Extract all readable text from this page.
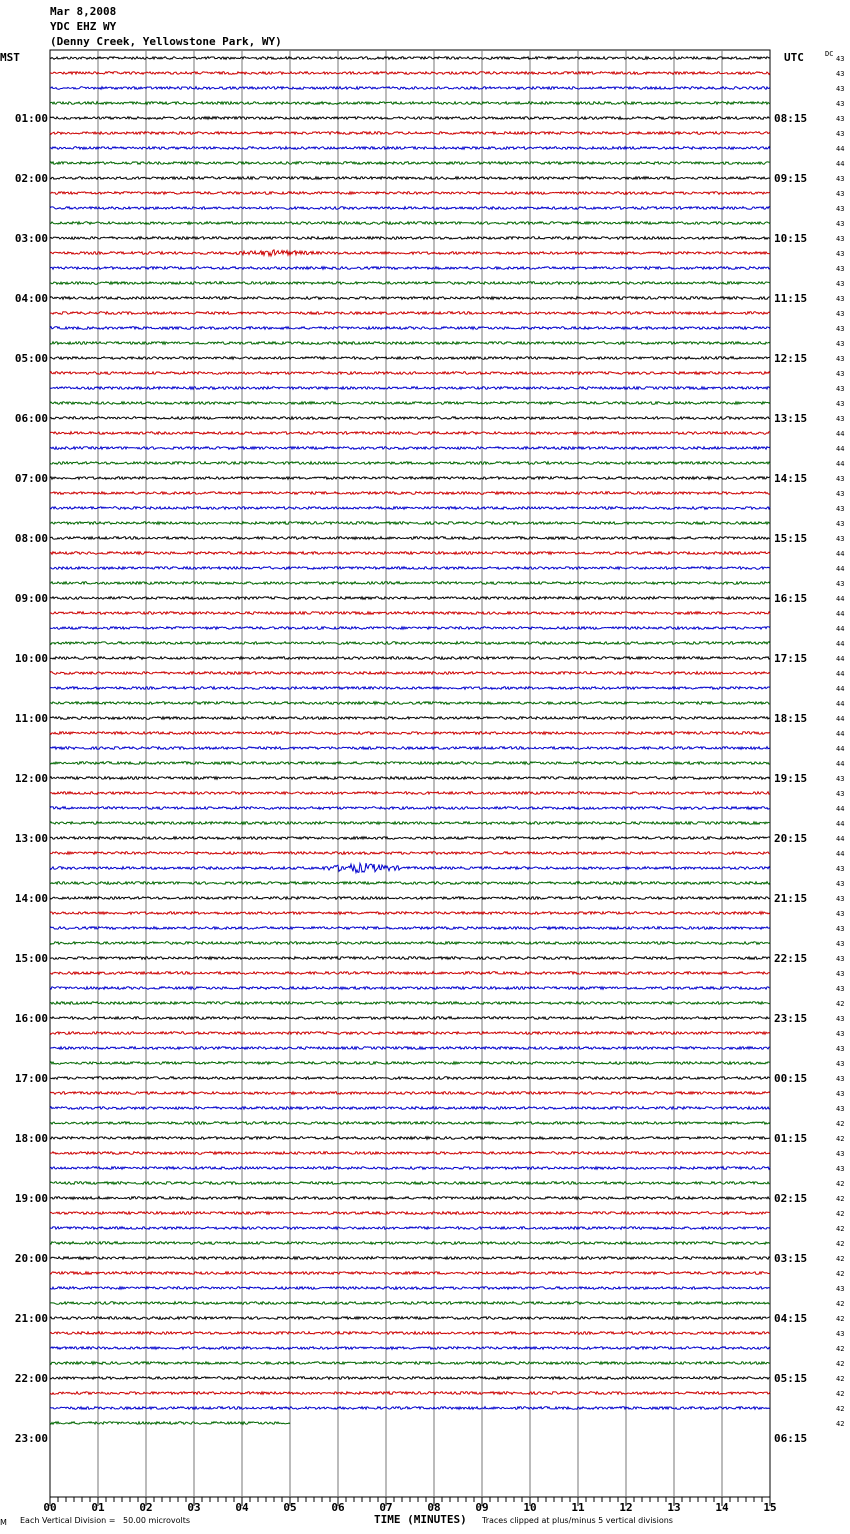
Mar 8,2008
YDC EHZ WY
(Denny Creek, Yellowstone Park, WY)
01:00
02:00
03:00
04:00
05:00
06:00
07:00
08:00
09:00
10:00
11:00
12:00
13:00
14:00
15:00
16:00
17:00
18:00
19:00
20:00
21:00
22:00
23:00
08:15
09:15
10:15
11:15
12:15
13:15
14:15
15:15
16:15
17:15
18:15
19:15
20:15
21:15
22:15
23:15
00:15
01:15
02:15
03:15
04:15
05:15
06:15
43
43
43
43
43
43
44
44
43
43
43
43
43
43
43
43
43
43
43
43
43
43
43
43
43
44
44
44
43
43
43
43
43
44
44
43
44
44
44
44
44
44
44
44
44
44
44
44
43
43
44
44
44
44
43
43
43
43
43
43
43
43
43
42
43
43
43
43
43
43
43
42
42
43
43
42
42
42
42
42
42
42
43
42
42
43
42
42
42
42
42
42
00	01	02	03	04	05	06	07	08	09	10	11	12	13	14	15
MST	UTC	DC
TIME (MINUTES)
M Each Vertical Division =   50.00 microvolts	Traces clipped at plus/minus 5 vertical divisions
